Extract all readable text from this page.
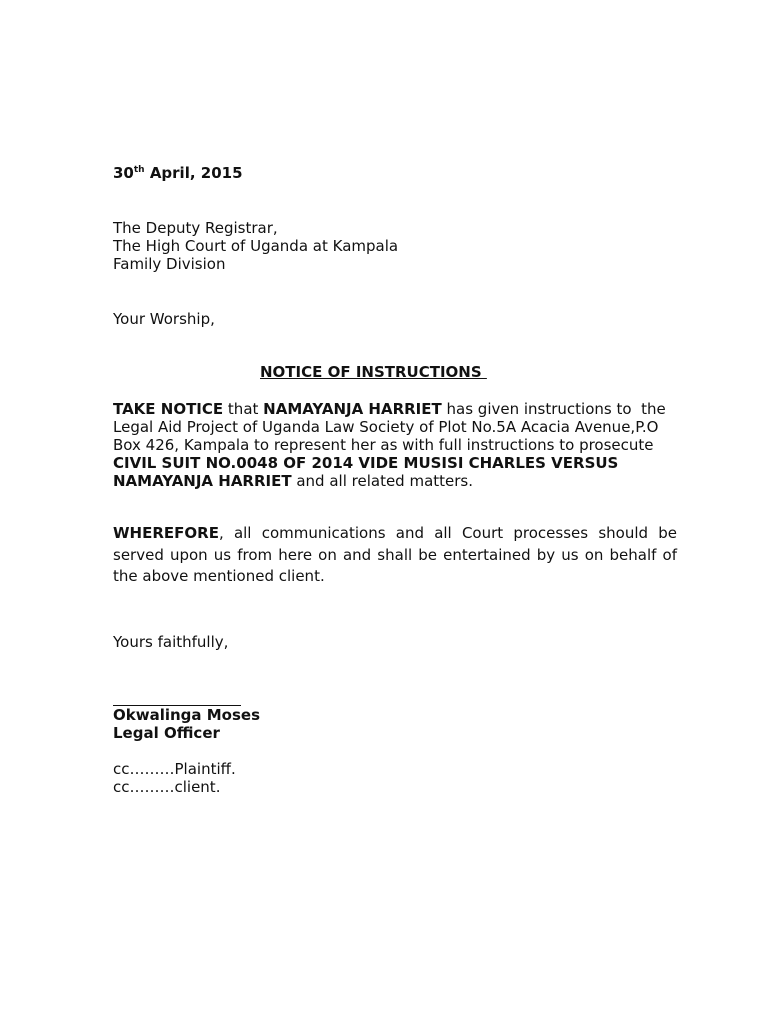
30th April, 2015
The Deputy Registrar,
The High Court of Uganda at Kampala
Family Division
Your Worship,
NOTICE OF INSTRUCTIONS
TAKE NOTICE that NAMAYANJA HARRIET has given instructions to  the
Legal Aid Project of Uganda Law Society of Plot No.5A Acacia Avenue,P.O
Box 426, Kampala to represent her as with full instructions to prosecute
CIVIL SUIT NO.0048 OF 2014 VIDE MUSISI CHARLES VERSUS
NAMAYANJA HARRIET and all related matters.
WHEREFORE, all communications and all Court processes should be
served upon us from here on and shall be entertained by us on behalf of
the above mentioned client.
Yours faithfully,
Okwalinga Moses
Legal Officer
cc………Plaintiff.
cc………client.
